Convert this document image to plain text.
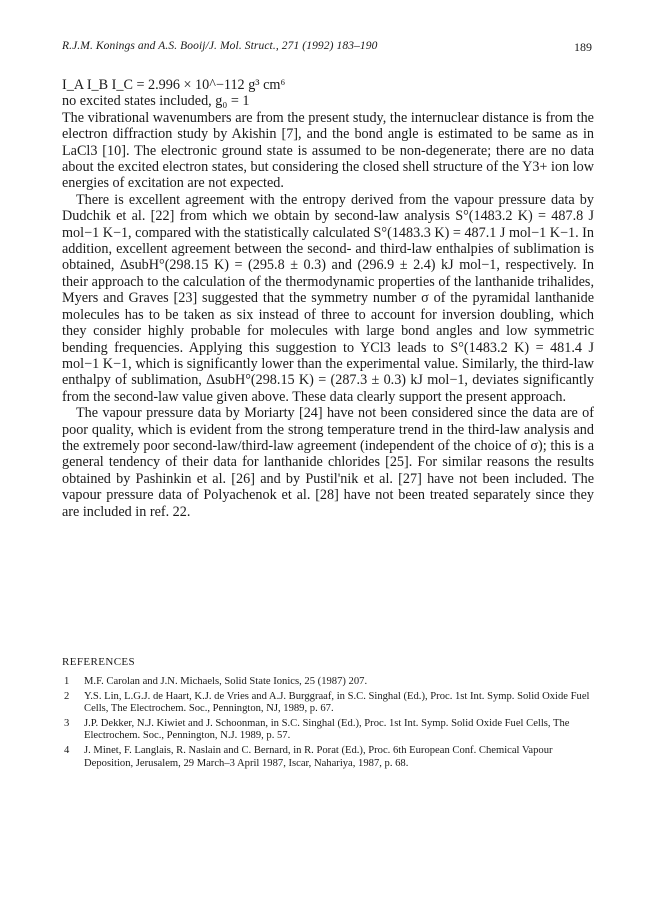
R.J.M. Konings and A.S. Booij/J. Mol. Struct., 271 (1992) 183–190	189

I_A I_B I_C = 2.996 × 10^−112 g³ cm⁶

no excited states included, g₀ = 1

The vibrational wavenumbers are from the present study, the internuclear distance is from the electron diffraction study by Akishin [7], and the bond angle is estimated to be same as in LaCl3 [10]. The electronic ground state is assumed to be non-degenerate; there are no data about the excited electron states, but considering the closed shell structure of the Y3+ ion low energies of excitation are not expected.

There is excellent agreement with the entropy derived from the vapour pressure data by Dudchik et al. [22] from which we obtain by second-law analysis S°(1483.2 K) = 487.8 J mol−1 K−1, compared with the statistically calculated S°(1483.3 K) = 487.1 J mol−1 K−1. In addition, excellent agreement between the second- and third-law enthalpies of sublimation is obtained, ΔsubH°(298.15 K) = (295.8 ± 0.3) and (296.9 ± 2.4) kJ mol−1, respectively. In their approach to the calculation of the thermodynamic properties of the lanthanide trihalides, Myers and Graves [23] suggested that the symmetry number σ of the pyramidal lanthanide molecules has to be taken as six instead of three to account for inversion doubling, which they consider highly probable for molecules with large bond angles and low symmetric bending frequencies. Applying this suggestion to YCl3 leads to S°(1483.2 K) = 481.4 J mol−1 K−1, which is significantly lower than the experimental value. Similarly, the third-law enthalpy of sublimation, ΔsubH°(298.15 K) = (287.3 ± 0.3) kJ mol−1, deviates significantly from the second-law value given above. These data clearly support the present approach.

The vapour pressure data by Moriarty [24] have not been considered since the data are of poor quality, which is evident from the strong temperature trend in the third-law analysis and the extremely poor second-law/third-law agreement (independent of the choice of σ); this is a general tendency of their data for lanthanide chlorides [25]. For similar reasons the results obtained by Pashinkin et al. [26] and by Pustil'nik et al. [27] have not been included. The vapour pressure data of Polyachenok et al. [28] have not been treated separately since they are included in ref. 22.

REFERENCES
1 M.F. Carolan and J.N. Michaels, Solid State Ionics, 25 (1987) 207.
2 Y.S. Lin, L.G.J. de Haart, K.J. de Vries and A.J. Burggraaf, in S.C. Singhal (Ed.), Proc. 1st Int. Symp. Solid Oxide Fuel Cells, The Electrochem. Soc., Pennington, NJ, 1989, p. 67.
3 J.P. Dekker, N.J. Kiwiet and J. Schoonman, in S.C. Singhal (Ed.), Proc. 1st Int. Symp. Solid Oxide Fuel Cells, The Electrochem. Soc., Pennington, N.J. 1989, p. 57.
4 J. Minet, F. Langlais, R. Naslain and C. Bernard, in R. Porat (Ed.), Proc. 6th European Conf. Chemical Vapour Deposition, Jerusalem, 29 March–3 April 1987, Iscar, Nahariya, 1987, p. 68.
